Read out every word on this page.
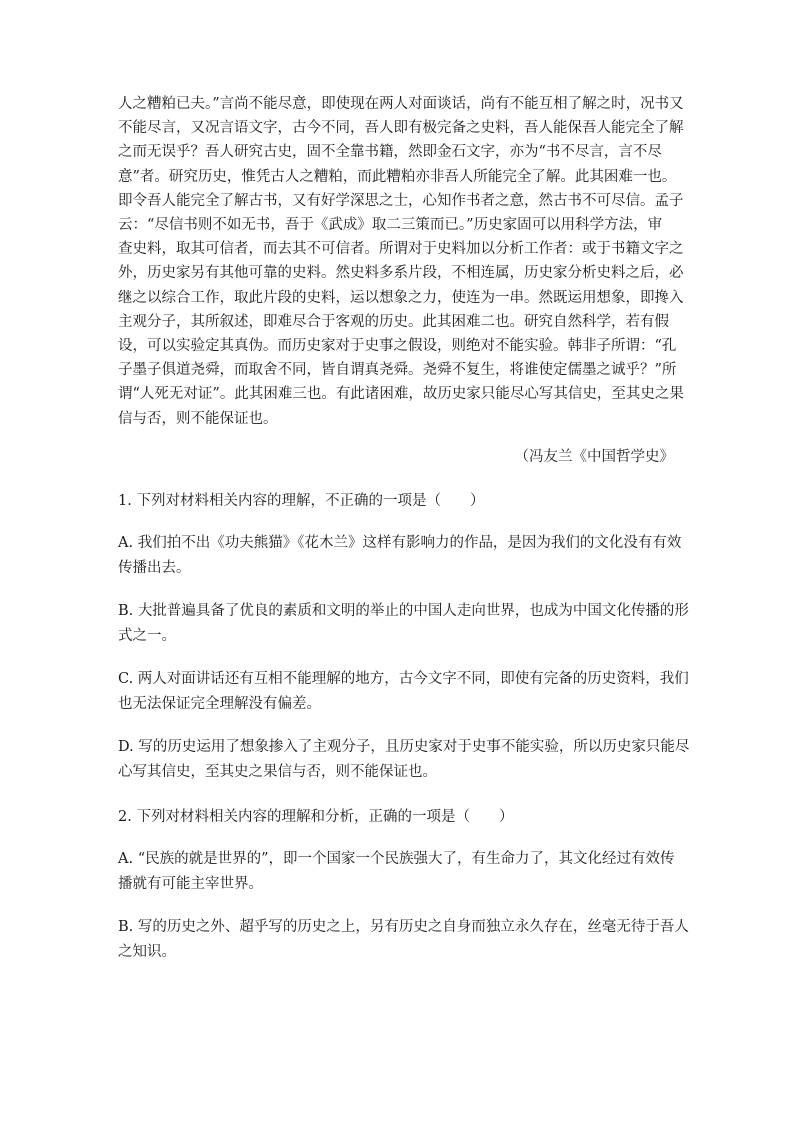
人之糟粕已夫。”言尚不能尽意，即使现在两人对面谈话，尚有不能互相了解之时，况书又
不能尽言，又况言语文字，古今不同，吾人即有极完备之史料，吾人能保吾人能完全了解
之而无误乎？吾人研究古史，固不全靠书籍，然即金石文字，亦为“书不尽言，言不尽
意”者。研究历史，惟凭古人之糟粕，而此糟粕亦非吾人所能完全了解。此其困难一也。
即令吾人能完全了解古书，又有好学深思之士，心知作书者之意，然古书不可尽信。孟子
云：“尽信书则不如无书，吾于《武成》取二三策而已。”历史家固可以用科学方法，审
查史料，取其可信者，而去其不可信者。所谓对于史料加以分析工作者：或于书籍文字之
外，历史家另有其他可靠的史料。然史料多系片段，不相连属，历史家分析史料之后，必
继之以综合工作，取此片段的史料，运以想象之力，使连为一串。然既运用想象，即搀入
主观分子，其所叙述，即难尽合于客观的历史。此其困难二也。研究自然科学，若有假
设，可以实验定其真伪。而历史家对于史事之假设，则绝对不能实验。韩非子所谓：“孔
子墨子俱道尧舜，而取舍不同，皆自谓真尧舜。尧舜不复生，将谁使定儒墨之诚乎？”所
谓“人死无对证”。此其困难三也。有此诸困难，故历史家只能尽心写其信史，至其史之果
信与否，则不能保证也。

（冯友兰《中国哲学史》

1. 下列对材料相关内容的理解，不正确的一项是（　　）
A. 我们拍不出《功夫熊猫》《花木兰》这样有影响力的作品，是因为我们的文化没有有效
传播出去。
B. 大批普遍具备了优良的素质和文明的举止的中国人走向世界，也成为中国文化传播的形
式之一。
C. 两人对面讲话还有互相不能理解的地方，古今文字不同，即使有完备的历史资料，我们
也无法保证完全理解没有偏差。
D. 写的历史运用了想象掺入了主观分子，且历史家对于史事不能实验，所以历史家只能尽
心写其信史，至其史之果信与否，则不能保证也。
2. 下列对材料相关内容的理解和分析，正确的一项是（　　）
A. “民族的就是世界的”，即一个国家一个民族强大了，有生命力了，其文化经过有效传
播就有可能主宰世界。
B. 写的历史之外、超乎写的历史之上，另有历史之自身而独立永久存在，丝毫无待于吾人
之知识。
